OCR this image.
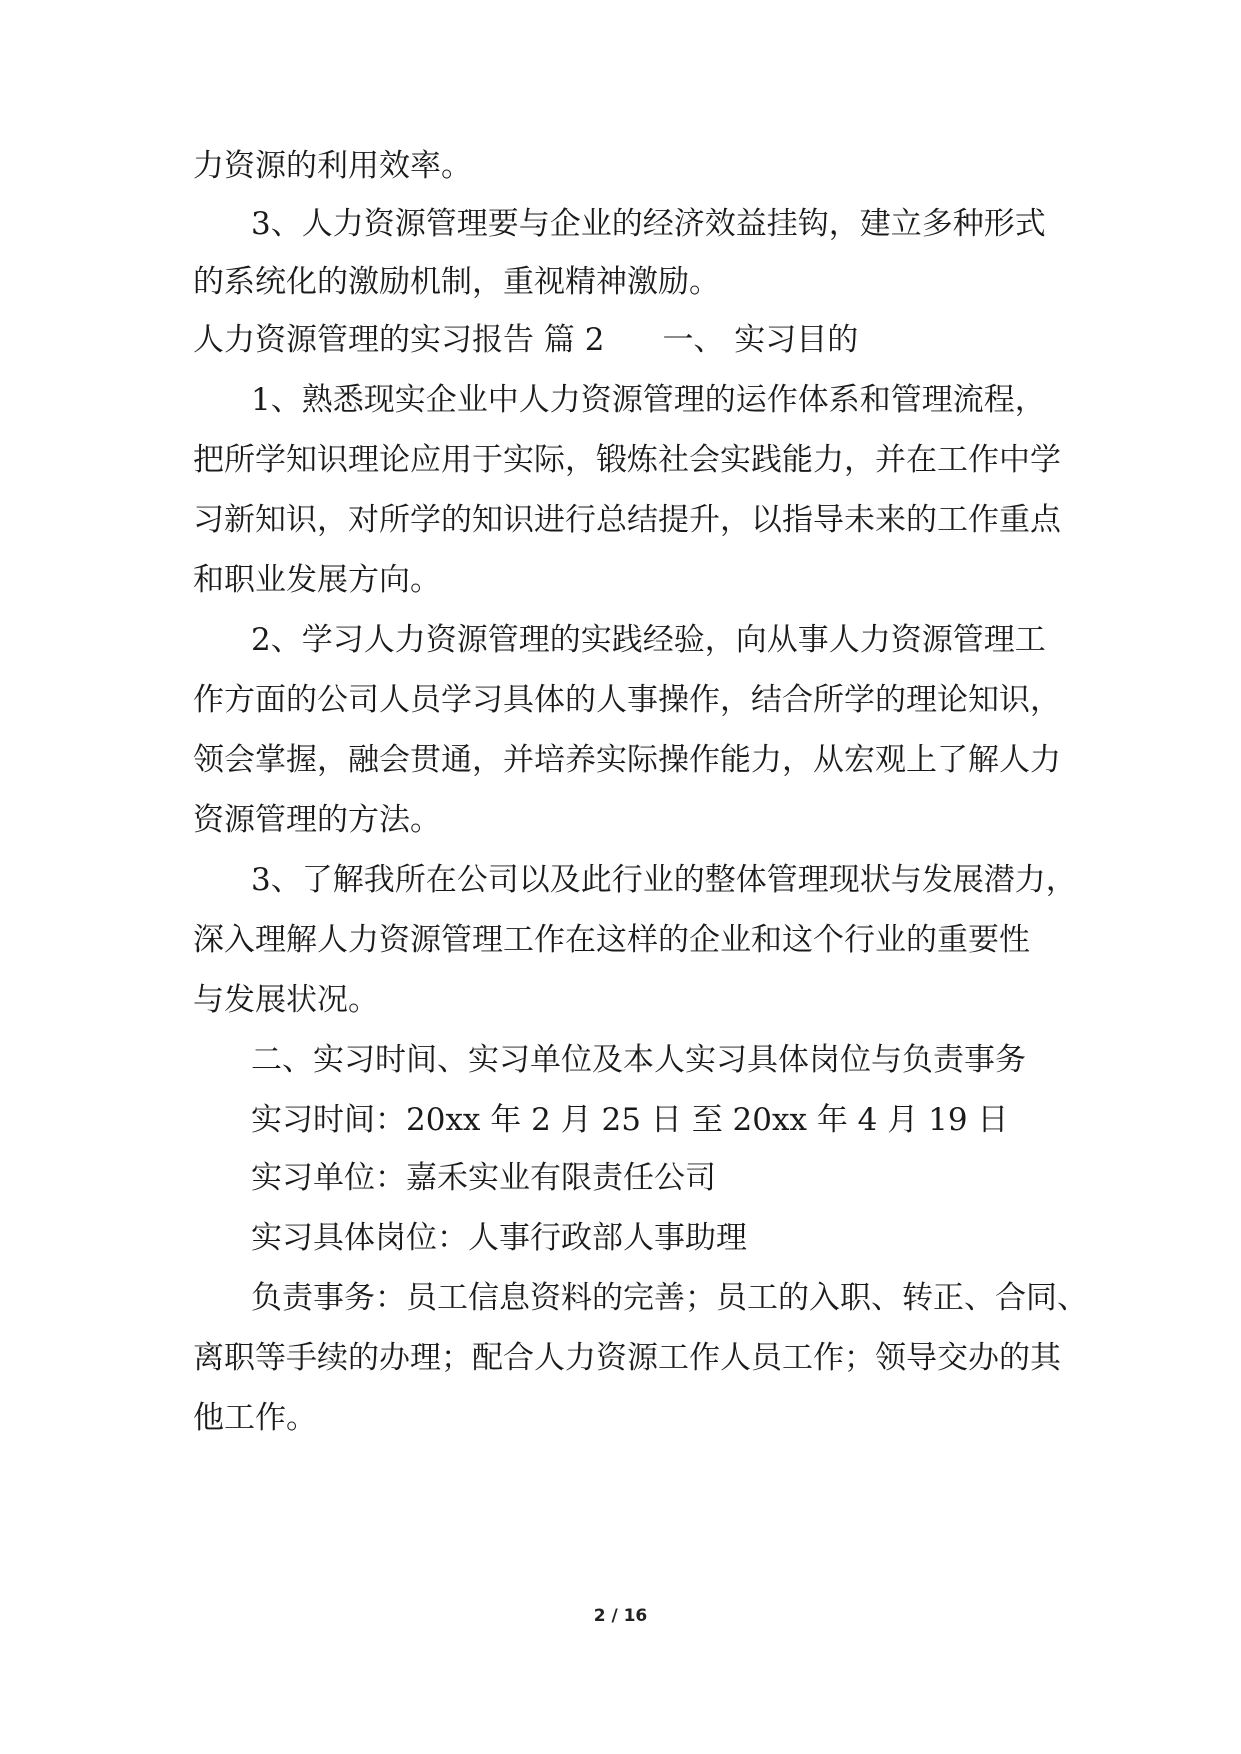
力资源的利用效率。
3、人力资源管理要与企业的经济效益挂钩，建立多种形式
的系统化的激励机制，重视精神激励。
人力资源管理的实习报告 篇 2 一、 实习目的
1、熟悉现实企业中人力资源管理的运作体系和管理流程，
把所学知识理论应用于实际，锻炼社会实践能力，并在工作中学
习新知识，对所学的知识进行总结提升，以指导未来的工作重点
和职业发展方向。
2、学习人力资源管理的实践经验，向从事人力资源管理工
作方面的公司人员学习具体的人事操作，结合所学的理论知识，
领会掌握，融会贯通，并培养实际操作能力，从宏观上了解人力
资源管理的方法。
3、了解我所在公司以及此行业的整体管理现状与发展潜力，
深入理解人力资源管理工作在这样的企业和这个行业的重要性
与发展状况。
二、实习时间、实习单位及本人实习具体岗位与负责事务
实习时间：20xx 年 2 月 25 日 至 20xx 年 4 月 19 日
实习单位：嘉禾实业有限责任公司
实习具体岗位：人事行政部人事助理
负责事务：员工信息资料的完善；员工的入职、转正、合同、
离职等手续的办理；配合人力资源工作人员工作；领导交办的其
他工作。
2 / 16
